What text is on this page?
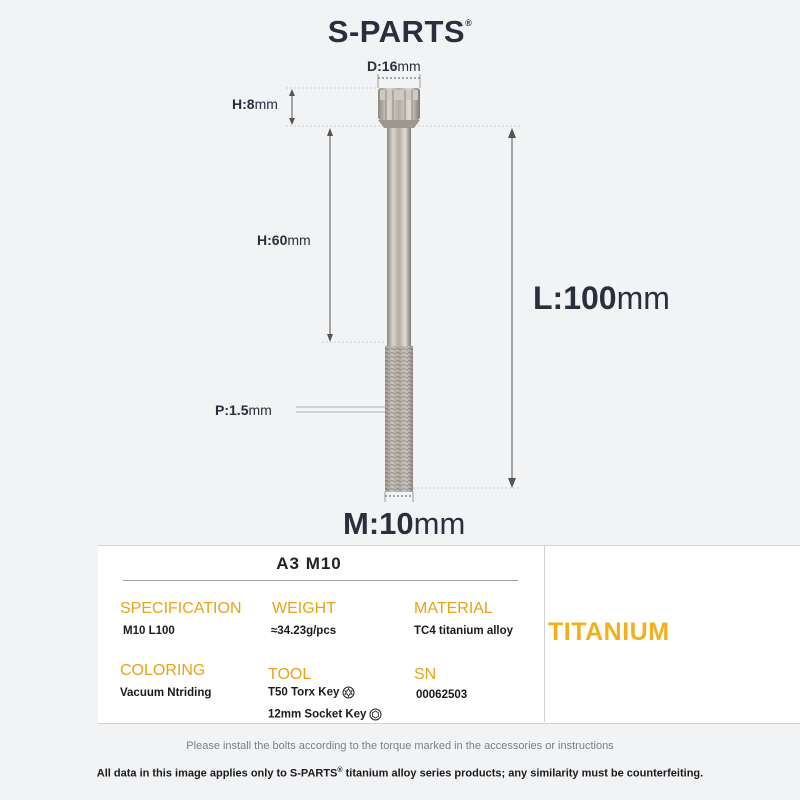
S-PARTS®
D:16mm
H:8mm
H:60mm
P:1.5mm
L:100mm
M:10mm
A3 M10
SPECIFICATION
M10 L100
WEIGHT
≈34.23g/pcs
MATERIAL
TC4 titanium alloy
COLORING
Vacuum Ntriding
TOOL
T50 Torx Key
12mm Socket Key
SN
00062503
TITANIUM
Please install the bolts according to the torque marked in the accessories or instructions
All data in this image applies only to S-PARTS® titanium alloy series products; any similarity must be counterfeiting.
